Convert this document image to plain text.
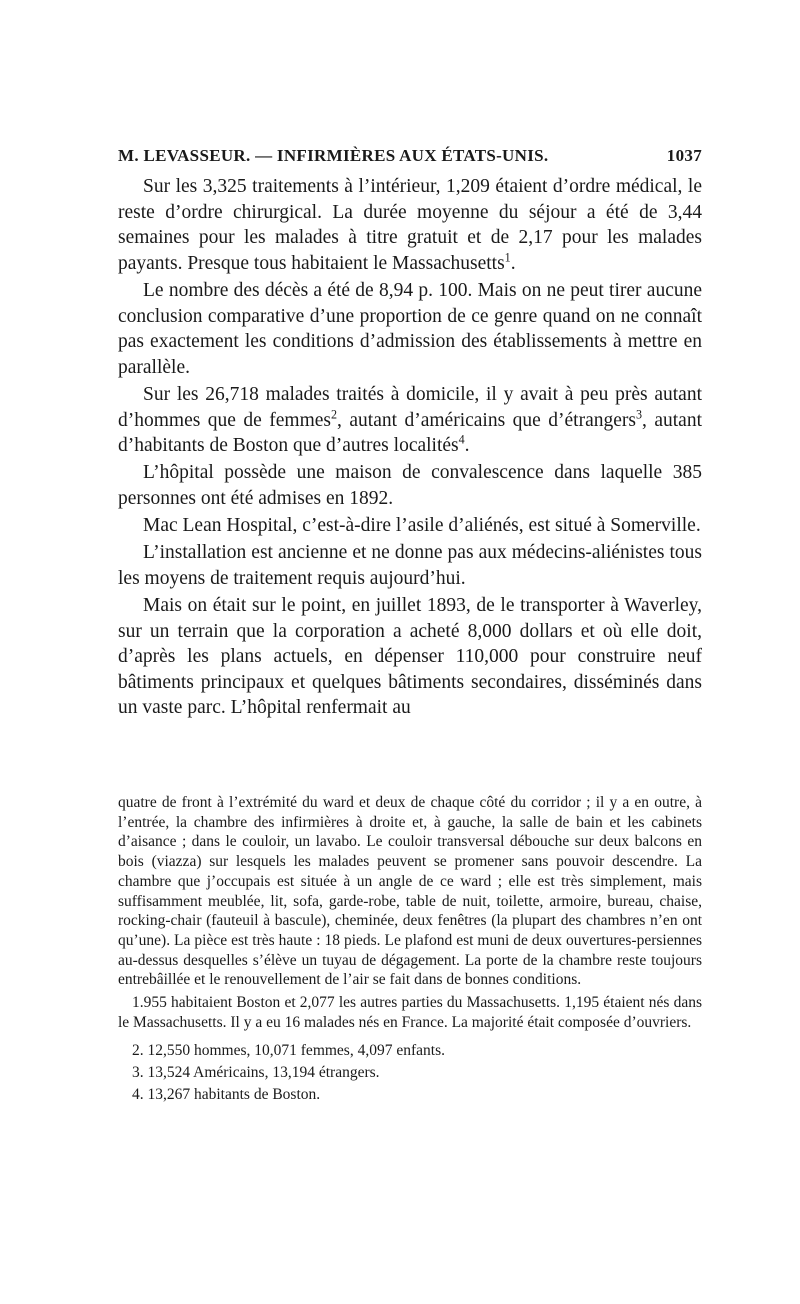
M. LEVASSEUR. — INFIRMIÈRES AUX ÉTATS-UNIS.	1037

Sur les 3,325 traitements à l’intérieur, 1,209 étaient d’ordre médical, le reste d’ordre chirurgical. La durée moyenne du séjour a été de 3,44 semaines pour les malades à titre gratuit et de 2,17 pour les malades payants. Presque tous habitaient le Massachusetts$^1$.

Le nombre des décès a été de 8,94 p. 100. Mais on ne peut tirer aucune conclusion comparative d’une proportion de ce genre quand on ne connaît pas exactement les conditions d’admission des établissements à mettre en parallèle.

Sur les 26,718 malades traités à domicile, il y avait à peu près autant d’hommes que de femmes$^2$, autant d’américains que d’étrangers$^3$, autant d’habitants de Boston que d’autres localités$^4$.

L’hôpital possède une maison de convalescence dans laquelle 385 personnes ont été admises en 1892.

Mac Lean Hospital, c’est-à-dire l’asile d’aliénés, est situé à Somerville.

L’installation est ancienne et ne donne pas aux médecins-aliénistes tous les moyens de traitement requis aujourd’hui.

Mais on était sur le point, en juillet 1893, de le transporter à Waverley, sur un terrain que la corporation a acheté 8,000 dollars et où elle doit, d’après les plans actuels, en dépenser 110,000 pour construire neuf bâtiments principaux et quelques bâtiments secondaires, disséminés dans un vaste parc. L’hôpital renfermait au

quatre de front à l’extrémité du ward et deux de chaque côté du corridor ; il y a en outre, à l’entrée, la chambre des infirmières à droite et, à gauche, la salle de bain et les cabinets d’aisance ; dans le couloir, un lavabo. Le couloir transversal débouche sur deux balcons en bois (viazza) sur lesquels les malades peuvent se promener sans pouvoir descendre. La chambre que j’occupais est située à un angle de ce ward ; elle est très simplement, mais suffisamment meublée, lit, sofa, garde-robe, table de nuit, toilette, armoire, bureau, chaise, rocking-chair (fauteuil à bascule), cheminée, deux fenêtres (la plupart des chambres n’en ont qu’une). La pièce est très haute : 18 pieds. Le plafond est muni de deux ouvertures-persiennes au-dessus desquelles s’élève un tuyau de dégagement. La porte de la chambre reste toujours entrebâillée et le renouvellement de l’air se fait dans de bonnes conditions.

1.955 habitaient Boston et 2,077 les autres parties du Massachusetts. 1,195 étaient nés dans le Massachusetts. Il y a eu 16 malades nés en France. La majorité était composée d’ouvriers.

2. 12,550 hommes, 10,071 femmes, 4,097 enfants.

3. 13,524 Américains, 13,194 étrangers.

4. 13,267 habitants de Boston.
